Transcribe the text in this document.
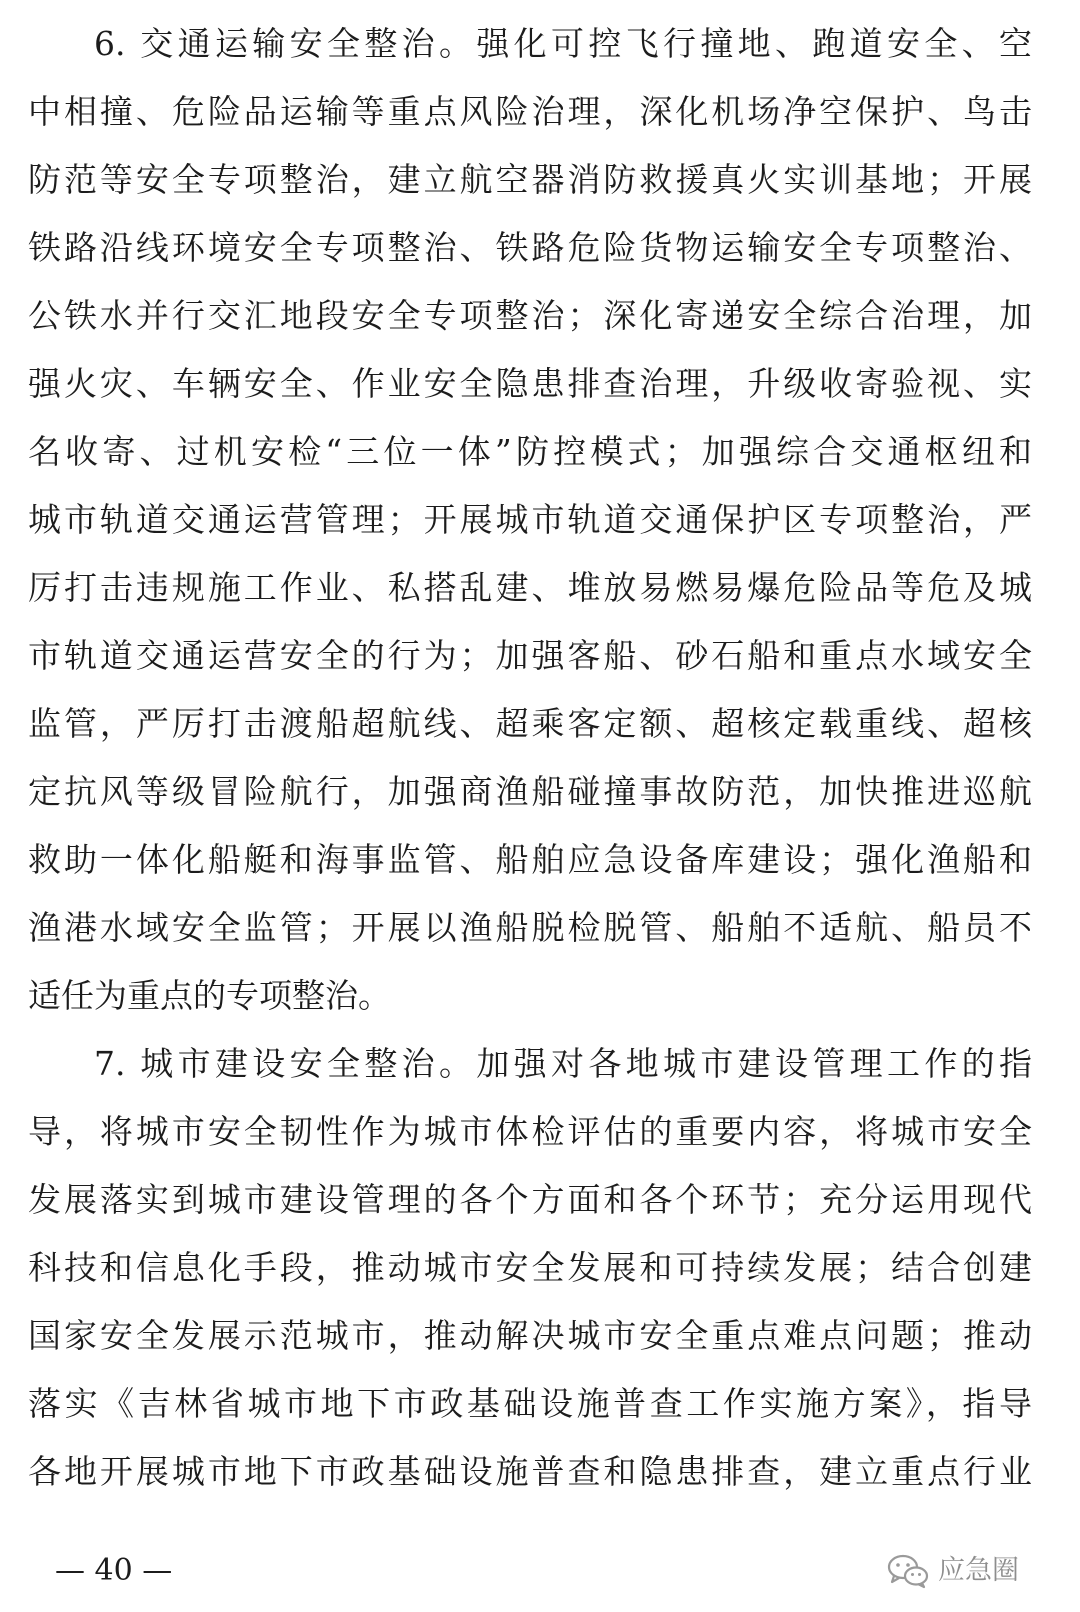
6. 交通运输安全整治。强化可控飞行撞地、跑道安全、空
中相撞、危险品运输等重点风险治理，深化机场净空保护、鸟击
防范等安全专项整治，建立航空器消防救援真火实训基地；开展
铁路沿线环境安全专项整治、铁路危险货物运输安全专项整治、
公铁水并行交汇地段安全专项整治；深化寄递安全综合治理，加
强火灾、车辆安全、作业安全隐患排查治理，升级收寄验视、实
名收寄、过机安检“三位一体”防控模式；加强综合交通枢纽和
城市轨道交通运营管理；开展城市轨道交通保护区专项整治，严
厉打击违规施工作业、私搭乱建、堆放易燃易爆危险品等危及城
市轨道交通运营安全的行为；加强客船、砂石船和重点水域安全
监管，严厉打击渡船超航线、超乘客定额、超核定载重线、超核
定抗风等级冒险航行，加强商渔船碰撞事故防范，加快推进巡航
救助一体化船艇和海事监管、船舶应急设备库建设；强化渔船和
渔港水域安全监管；开展以渔船脱检脱管、船舶不适航、船员不
适任为重点的专项整治。
7. 城市建设安全整治。加强对各地城市建设管理工作的指
导，将城市安全韧性作为城市体检评估的重要内容，将城市安全
发展落实到城市建设管理的各个方面和各个环节；充分运用现代
科技和信息化手段，推动城市安全发展和可持续发展；结合创建
国家安全发展示范城市，推动解决城市安全重点难点问题；推动
落实《吉林省城市地下市政基础设施普查工作实施方案》，指导
各地开展城市地下市政基础设施普查和隐患排查，建立重点行业
— 40 —	应急圈
